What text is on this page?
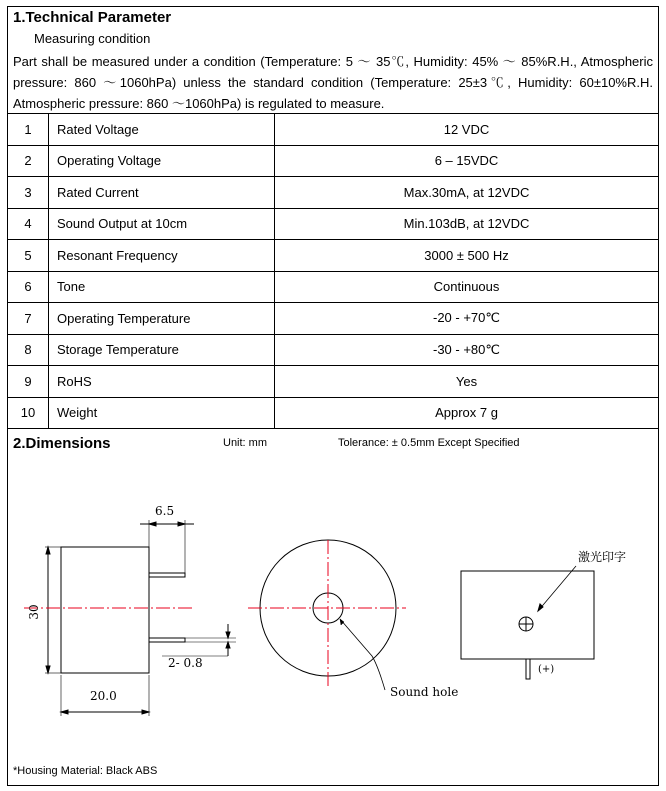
1.Technical Parameter
Measuring condition
Part shall be measured under a condition (Temperature: 5 ～ 35℃, Humidity: 45% ～ 85%R.H., Atmospheric pressure: 860 ～1060hPa) unless the standard condition (Temperature: 25±3℃, Humidity: 60±10%R.H. Atmospheric pressure: 860 ～1060hPa) is regulated to measure.
1	Rated Voltage	12 VDC
2	Operating Voltage	6 – 15VDC
3	Rated Current	Max.30mA, at 12VDC
4	Sound Output at 10cm	Min.103dB, at 12VDC
5	Resonant Frequency	3000 ± 500 Hz
6	Tone	Continuous
7	Operating Temperature	-20 - +70℃
8	Storage Temperature	-30 - +80℃
9	RoHS	Yes
10	Weight	Approx 7 g
2.Dimensions	Unit: mm	Tolerance: ± 0.5mm Except Specified
6.5
30
2- 0.8
20.0	Sound hole
激光印字
(+)
*Housing Material: Black ABS
